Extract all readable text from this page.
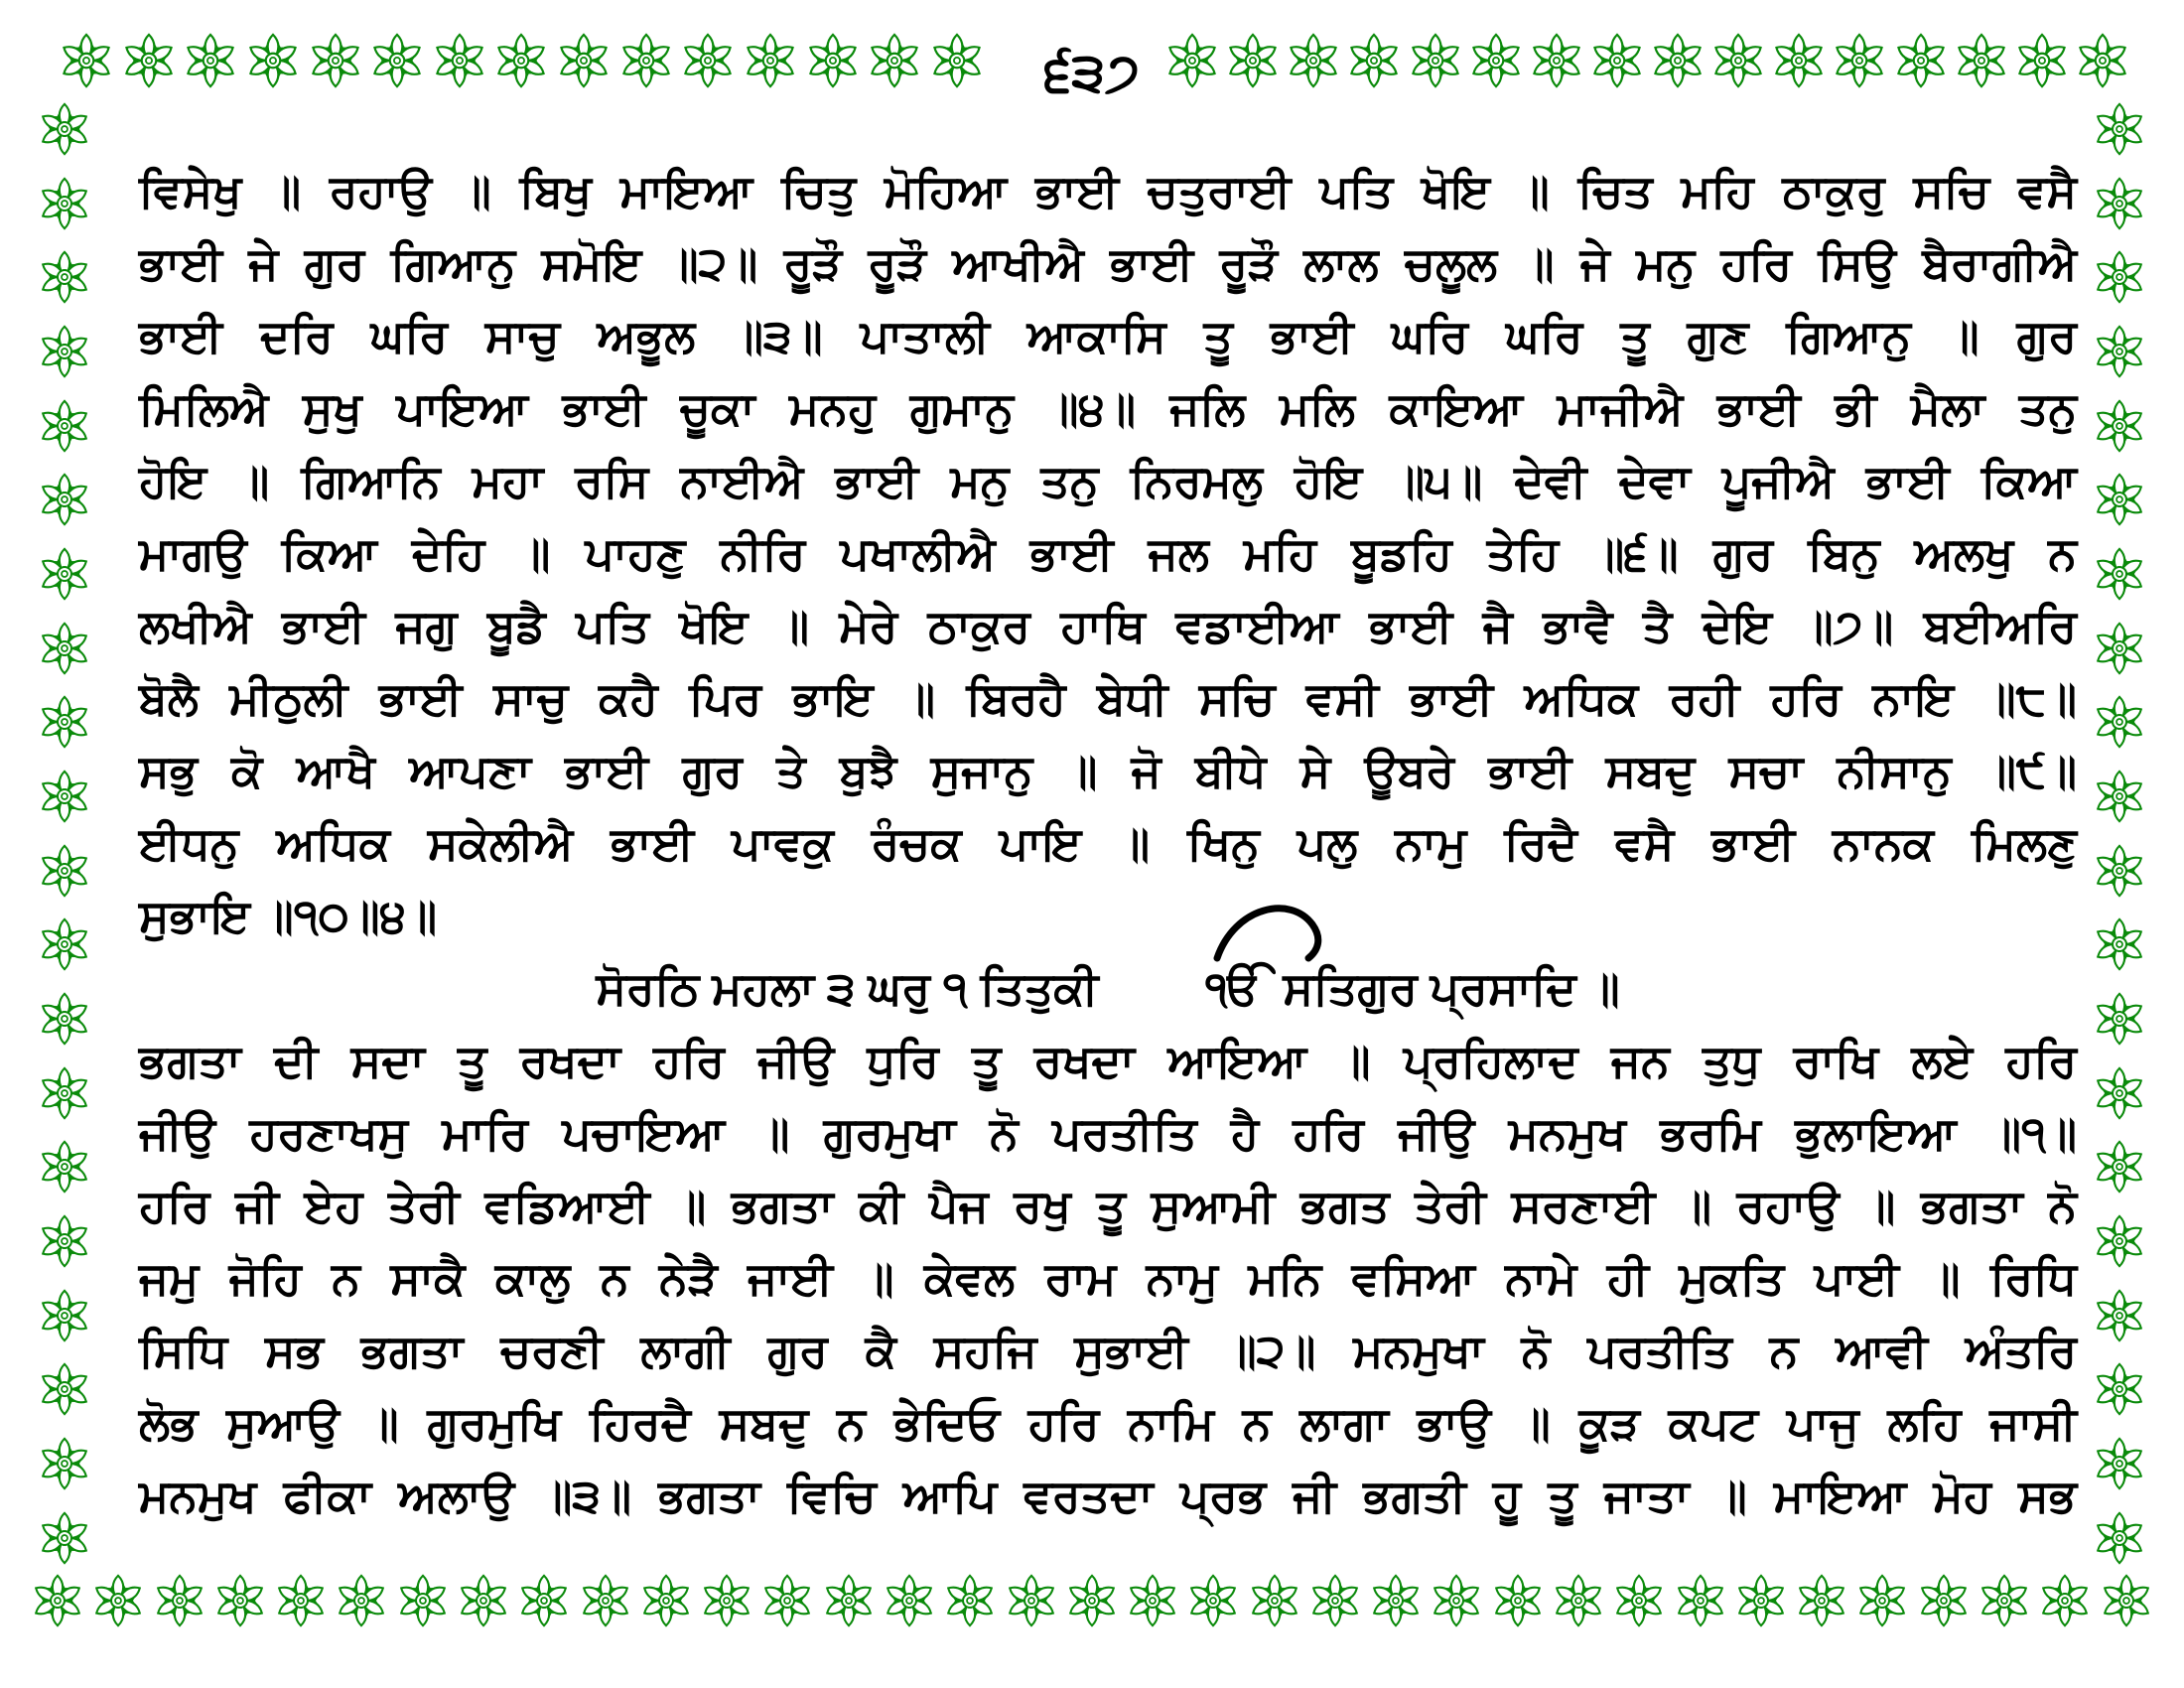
੬੩੭
ਵਿਸੇਖੁ ॥ ਰਹਾਉ ॥ ਬਿਖੁ ਮਾਇਆ ਚਿਤੁ ਮੋਹਿਆ ਭਾਈ ਚਤੁਰਾਈ ਪਤਿ ਖੋਇ ॥ ਚਿਤ ਮਹਿ ਠਾਕੁਰੁ ਸਚਿ ਵਸੈ
ਭਾਈ ਜੇ ਗੁਰ ਗਿਆਨੁ ਸਮੋਇ ॥੨॥ ਰੂੜੌ ਰੂੜੌ ਆਖੀਐ ਭਾਈ ਰੂੜੌ ਲਾਲ ਚਲੂਲ ॥ ਜੇ ਮਨੁ ਹਰਿ ਸਿਉ ਬੈਰਾਗੀਐ
ਭਾਈ ਦਰਿ ਘਰਿ ਸਾਚੁ ਅਭੂਲ ॥੩॥ ਪਾਤਾਲੀ ਆਕਾਸਿ ਤੂ ਭਾਈ ਘਰਿ ਘਰਿ ਤੂ ਗੁਣ ਗਿਆਨੁ ॥ ਗੁਰ
ਮਿਲਿਐ ਸੁਖੁ ਪਾਇਆ ਭਾਈ ਚੂਕਾ ਮਨਹੁ ਗੁਮਾਨੁ ॥੪॥ ਜਲਿ ਮਲਿ ਕਾਇਆ ਮਾਜੀਐ ਭਾਈ ਭੀ ਮੈਲਾ ਤਨੁ
ਹੋਇ ॥ ਗਿਆਨਿ ਮਹਾ ਰਸਿ ਨਾਈਐ ਭਾਈ ਮਨੁ ਤਨੁ ਨਿਰਮਲੁ ਹੋਇ ॥੫॥ ਦੇਵੀ ਦੇਵਾ ਪੂਜੀਐ ਭਾਈ ਕਿਆ
ਮਾਗਉ ਕਿਆ ਦੇਹਿ ॥ ਪਾਹਣੁ ਨੀਰਿ ਪਖਾਲੀਐ ਭਾਈ ਜਲ ਮਹਿ ਬੂਡਹਿ ਤੇਹਿ ॥੬॥ ਗੁਰ ਬਿਨੁ ਅਲਖੁ ਨ
ਲਖੀਐ ਭਾਈ ਜਗੁ ਬੂਡੈ ਪਤਿ ਖੋਇ ॥ ਮੇਰੇ ਠਾਕੁਰ ਹਾਥਿ ਵਡਾਈਆ ਭਾਈ ਜੈ ਭਾਵੈ ਤੈ ਦੇਇ ॥੭॥ ਬਈਅਰਿ
ਬੋਲੈ ਮੀਠੁਲੀ ਭਾਈ ਸਾਚੁ ਕਹੈ ਪਿਰ ਭਾਇ ॥ ਬਿਰਹੈ ਬੇਧੀ ਸਚਿ ਵਸੀ ਭਾਈ ਅਧਿਕ ਰਹੀ ਹਰਿ ਨਾਇ ॥੮॥
ਸਭੁ ਕੋ ਆਖੈ ਆਪਣਾ ਭਾਈ ਗੁਰ ਤੇ ਬੁਝੈ ਸੁਜਾਨੁ ॥ ਜੋ ਬੀਧੇ ਸੇ ਊਬਰੇ ਭਾਈ ਸਬਦੁ ਸਚਾ ਨੀਸਾਨੁ ॥੯॥
ਈਧਨੁ ਅਧਿਕ ਸਕੇਲੀਐ ਭਾਈ ਪਾਵਕੁ ਰੰਚਕ ਪਾਇ ॥ ਖਿਨੁ ਪਲੁ ਨਾਮੁ ਰਿਦੈ ਵਸੈ ਭਾਈ ਨਾਨਕ ਮਿਲਣੁ
ਸੁਭਾਇ ॥੧੦॥੪॥
ਸੋਰਠਿ ਮਹਲਾ ੩ ਘਰੁ ੧ ਤਿਤੁਕੀ ੴ ਸਤਿਗੁਰ ਪ੍ਰਸਾਦਿ ॥
ਭਗਤਾ ਦੀ ਸਦਾ ਤੂ ਰਖਦਾ ਹਰਿ ਜੀਉ ਧੁਰਿ ਤੂ ਰਖਦਾ ਆਇਆ ॥ ਪ੍ਰਹਿਲਾਦ ਜਨ ਤੁਧੁ ਰਾਖਿ ਲਏ ਹਰਿ
ਜੀਉ ਹਰਣਾਖਸੁ ਮਾਰਿ ਪਚਾਇਆ ॥ ਗੁਰਮੁਖਾ ਨੋ ਪਰਤੀਤਿ ਹੈ ਹਰਿ ਜੀਉ ਮਨਮੁਖ ਭਰਮਿ ਭੁਲਾਇਆ ॥੧॥
ਹਰਿ ਜੀ ਏਹ ਤੇਰੀ ਵਡਿਆਈ ॥ ਭਗਤਾ ਕੀ ਪੈਜ ਰਖੁ ਤੂ ਸੁਆਮੀ ਭਗਤ ਤੇਰੀ ਸਰਣਾਈ ॥ ਰਹਾਉ ॥ ਭਗਤਾ ਨੋ
ਜਮੁ ਜੋਹਿ ਨ ਸਾਕੈ ਕਾਲੁ ਨ ਨੇੜੈ ਜਾਈ ॥ ਕੇਵਲ ਰਾਮ ਨਾਮੁ ਮਨਿ ਵਸਿਆ ਨਾਮੇ ਹੀ ਮੁਕਤਿ ਪਾਈ ॥ ਰਿਧਿ
ਸਿਧਿ ਸਭ ਭਗਤਾ ਚਰਣੀ ਲਾਗੀ ਗੁਰ ਕੈ ਸਹਜਿ ਸੁਭਾਈ ॥੨॥ ਮਨਮੁਖਾ ਨੋ ਪਰਤੀਤਿ ਨ ਆਵੀ ਅੰਤਰਿ
ਲੋਭ ਸੁਆਉ ॥ ਗੁਰਮੁਖਿ ਹਿਰਦੈ ਸਬਦੁ ਨ ਭੇਦਿਓ ਹਰਿ ਨਾਮਿ ਨ ਲਾਗਾ ਭਾਉ ॥ ਕੂੜ ਕਪਟ ਪਾਜੁ ਲਹਿ ਜਾਸੀ
ਮਨਮੁਖ ਫੀਕਾ ਅਲਾਉ ॥੩॥ ਭਗਤਾ ਵਿਚਿ ਆਪਿ ਵਰਤਦਾ ਪ੍ਰਭ ਜੀ ਭਗਤੀ ਹੂ ਤੂ ਜਾਤਾ ॥ ਮਾਇਆ ਮੋਹ ਸਭ
